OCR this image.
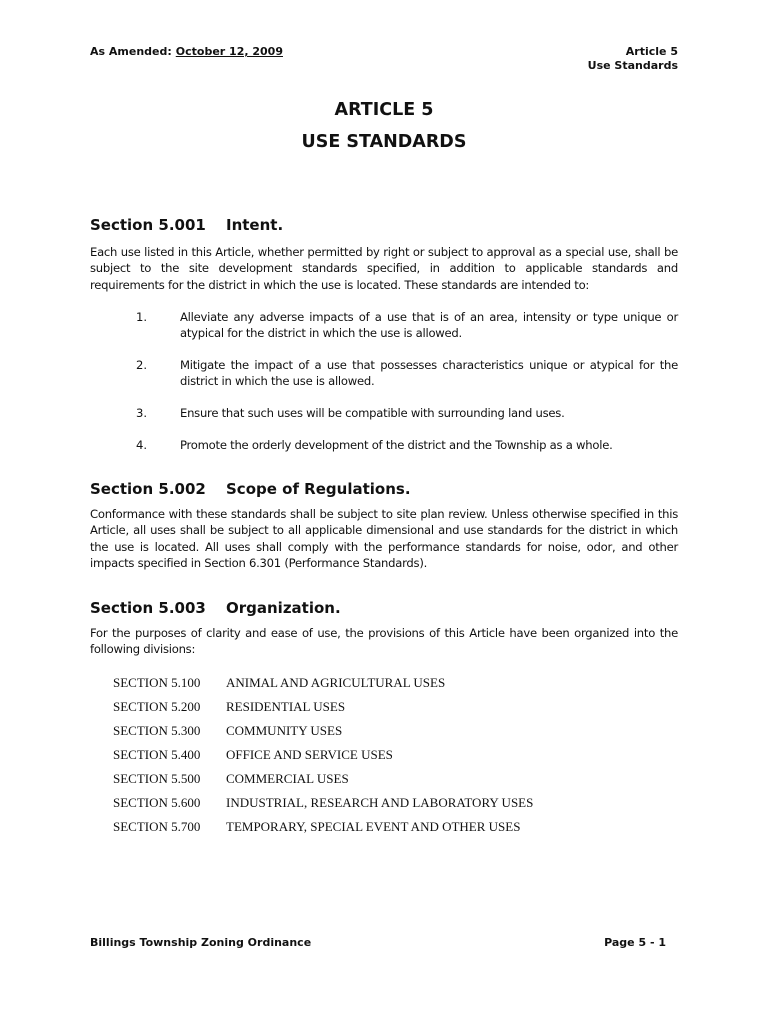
As Amended: October 12, 2009	Article 5
Use Standards
ARTICLE 5
USE STANDARDS
Section 5.001 Intent.
Each use listed in this Article, whether permitted by right or subject to approval as a special use, shall be subject to the site development standards specified, in addition to applicable standards and requirements for the district in which the use is located. These standards are intended to:
1.	Alleviate any adverse impacts of a use that is of an area, intensity or type unique or atypical for the district in which the use is allowed.
2.	Mitigate the impact of a use that possesses characteristics unique or atypical for the district in which the use is allowed.
3.	Ensure that such uses will be compatible with surrounding land uses.
4.	Promote the orderly development of the district and the Township as a whole.
Section 5.002 Scope of Regulations.
Conformance with these standards shall be subject to site plan review. Unless otherwise specified in this Article, all uses shall be subject to all applicable dimensional and use standards for the district in which the use is located. All uses shall comply with the performance standards for noise, odor, and other impacts specified in Section 6.301 (Performance Standards).
Section 5.003 Organization.
For the purposes of clarity and ease of use, the provisions of this Article have been organized into the following divisions:
SECTION 5.100 ANIMAL AND AGRICULTURAL USES
SECTION 5.200 RESIDENTIAL USES
SECTION 5.300 COMMUNITY USES
SECTION 5.400 OFFICE AND SERVICE USES
SECTION 5.500 COMMERCIAL USES
SECTION 5.600 INDUSTRIAL, RESEARCH AND LABORATORY USES
SECTION 5.700 TEMPORARY, SPECIAL EVENT AND OTHER USES
Billings Township Zoning Ordinance	Page 5 - 1
